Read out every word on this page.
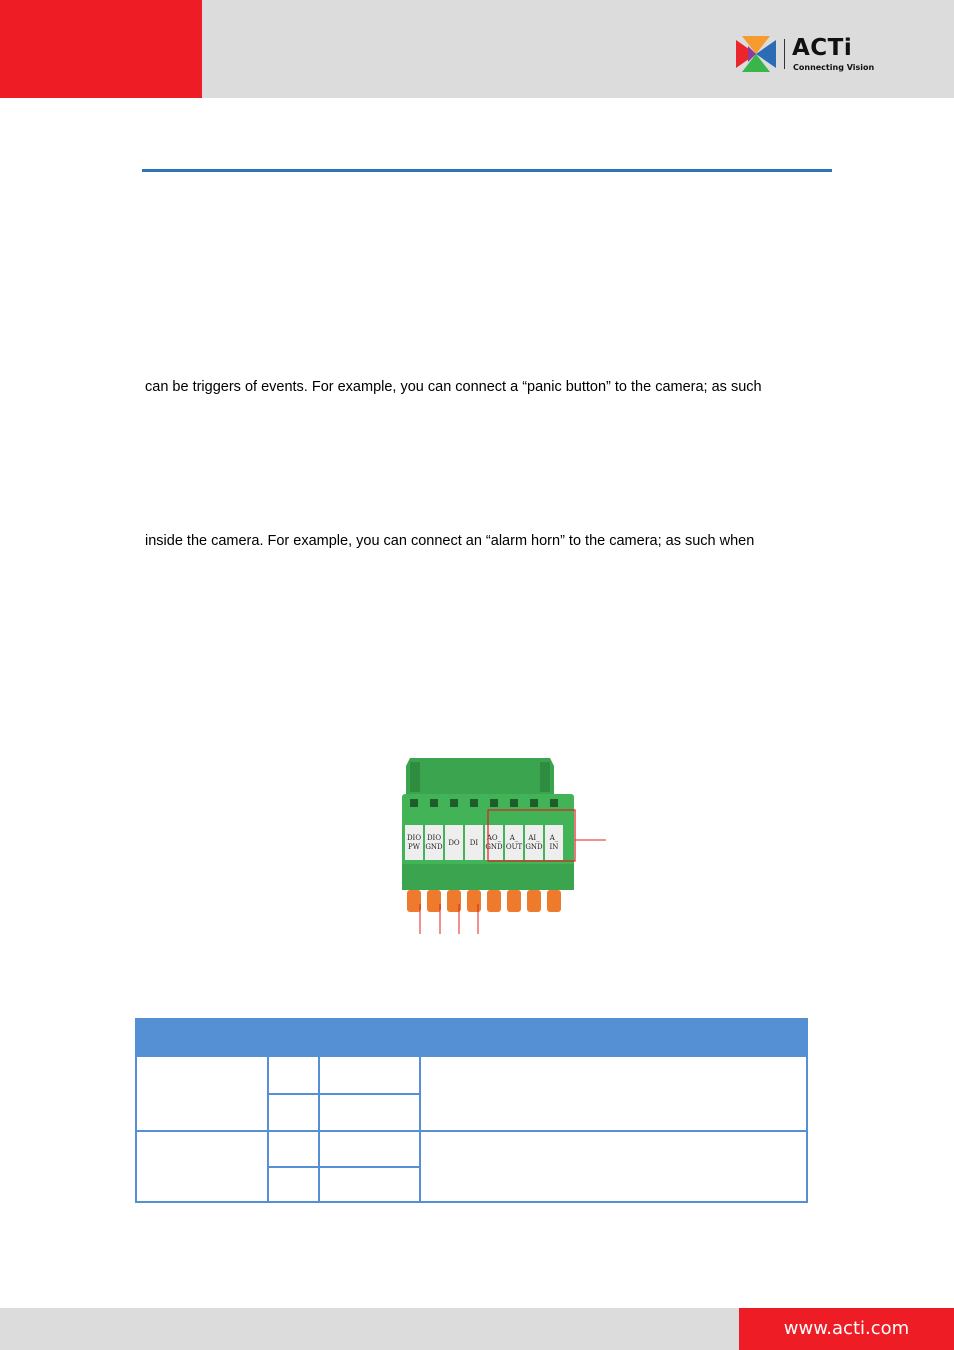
ACTi
Connecting Vision
can be triggers of events. For example, you can connect a “panic button” to the camera; as such
inside the camera. For example, you can connect an “alarm horn” to the camera; as such when
DIO
PW
DIO
GND DO DI
AO_
GND
A_
OUT
AI_
GND
A_
IN
www.acti.com
